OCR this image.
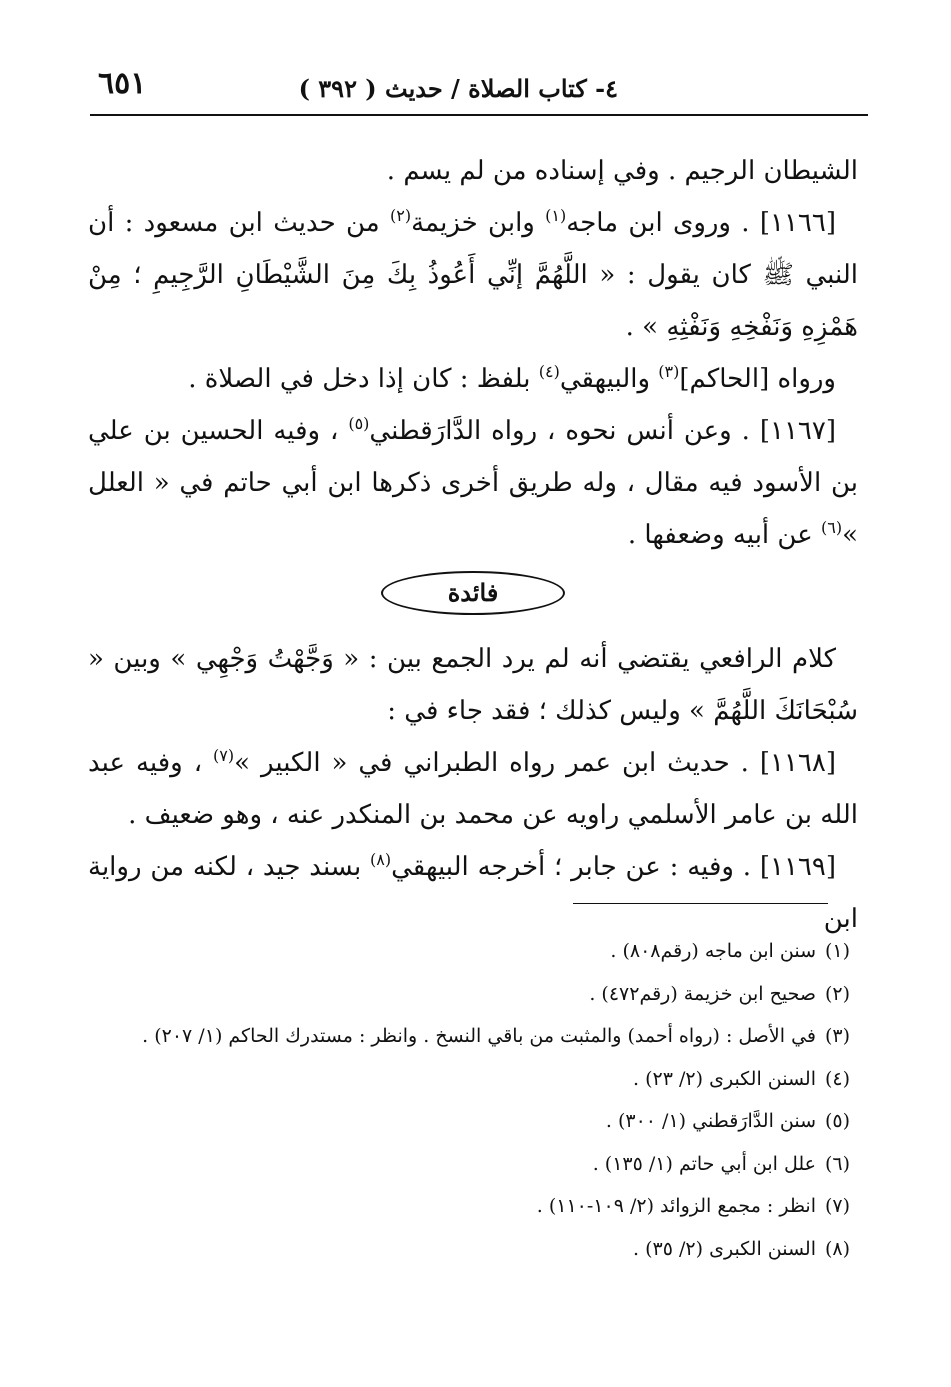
٤- كتاب الصلاة / حديث ( ٣٩٢ )
٦٥١

الشيطان الرجيم . وفي إسناده من لم يسم .

[١١٦٦] . وروى ابن ماجه$^{(١)}$ وابن خزيمة$^{(٢)}$ من حديث ابن مسعود : أن النبي ﷺ كان يقول : « اللَّهُمَّ إنِّي أَعُوذُ بِكَ مِنَ الشَّيْطَانِ الرَّجِيمِ ؛ مِنْ هَمْزِهِ وَنَفْخِهِ وَنَفْثِهِ » .

ورواه [الحاكم]$^{(٣)}$ والبيهقي$^{(٤)}$ بلفظ : كان إذا دخل في الصلاة .

[١١٦٧] . وعن أنس نحوه ، رواه الدَّارَقطني$^{(٥)}$ ، وفيه الحسين بن علي بن الأسود فيه مقال ، وله طريق أخرى ذكرها ابن أبي حاتم في « العلل »$^{(٦)}$ عن أبيه وضعفها .

فائدة

كلام الرافعي يقتضي أنه لم يرد الجمع بين : « وَجَّهْتُ وَجْهِي » وبين « سُبْحَانَكَ اللَّهُمَّ » وليس كذلك ؛ فقد جاء في :

[١١٦٨] . حديث ابن عمر رواه الطبراني في « الكبير »$^{(٧)}$ ، وفيه عبد الله بن عامر الأسلمي راويه عن محمد بن المنكدر عنه ، وهو ضعيف .

[١١٦٩] . وفيه : عن جابر ؛ أخرجه البيهقي$^{(٨)}$ بسند جيد ، لكنه من رواية ابن

(١)سنن ابن ماجه (رقم٨٠٨) .
(٢)صحيح ابن خزيمة (رقم٤٧٢) .
(٣)في الأصل : (رواه أحمد) والمثبت من باقي النسخ . وانظر : مستدرك الحاكم (١/ ٢٠٧) .
(٤)السنن الكبرى (٢/ ٢٣) .
(٥)سنن الدَّارَقطني (١/ ٣٠٠) .
(٦)علل ابن أبي حاتم (١/ ١٣٥) .
(٧)انظر : مجمع الزوائد (٢/ ١٠٩-١١٠) .
(٨)السنن الكبرى (٢/ ٣٥) .
